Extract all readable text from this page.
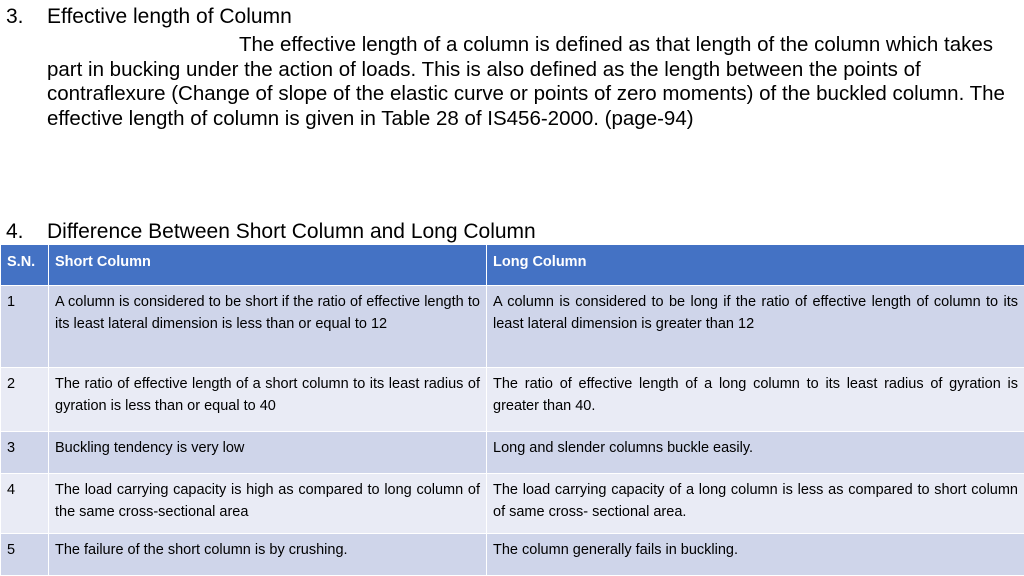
3. Effective length of Column
The effective length of a column is defined as that length of the column which takes part in bucking under the action of loads. This is also defined as the length between the points of contraflexure (Change of slope of the elastic curve or points of zero moments) of the buckled column. The effective length of column is given in Table 28 of IS456-2000. (page-94)
4. Difference Between Short Column and Long Column
S.N.	Short Column	Long Column
1	A column is considered to be short if the ratio of effective length to its least lateral dimension is less than or equal to 12	A column is considered to be long if the ratio of effective length of column to its least lateral dimension is greater than 12
2	The ratio of effective length of a short column to its least radius of gyration is less than or equal to 40	The ratio of effective length of a long column to its least radius of gyration is greater than 40.
3	Buckling tendency is very low	Long and slender columns buckle easily.
4	The load carrying capacity is high as compared to long column of the same cross-sectional area	The load carrying capacity of a long column is less as compared to short column of same cross- sectional area.
5	The failure of the short column is by crushing.	The column generally fails in buckling.
